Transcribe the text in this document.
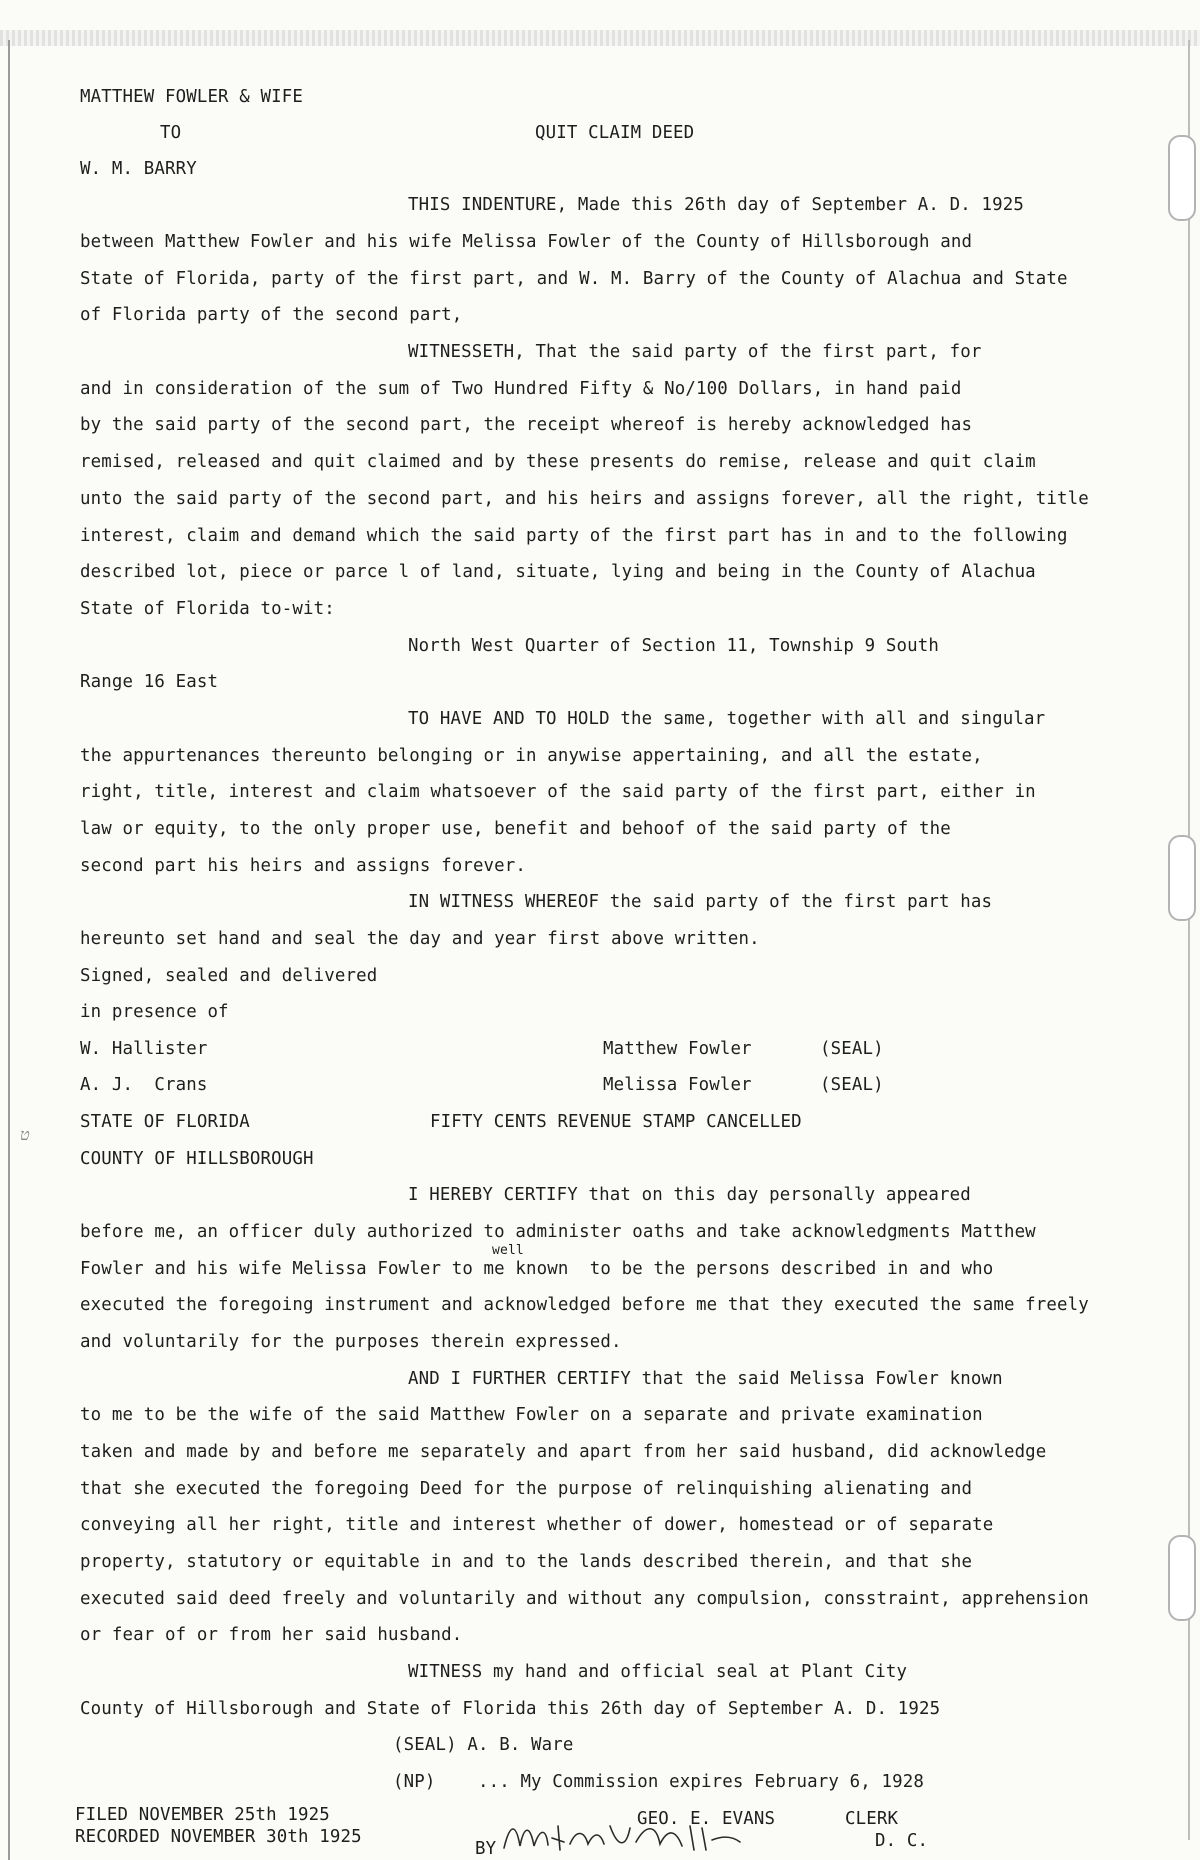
ט
MATTHEW FOWLER & WIFE
TO	QUIT CLAIM DEED
W. M. BARRY
THIS INDENTURE, Made this 26th day of September A. D. 1925
between Matthew Fowler and his wife Melissa Fowler of the County of Hillsborough and
State of Florida, party of the first part, and W. M. Barry of the County of Alachua and State
of Florida party of the second part,
WITNESSETH, That the said party of the first part, for
and in consideration of the sum of Two Hundred Fifty & No/100 Dollars, in hand paid
by the said party of the second part, the receipt whereof is hereby acknowledged has
remised, released and quit claimed and by these presents do remise, release and quit claim
unto the said party of the second part, and his heirs and assigns forever, all the right, title
interest, claim and demand which the said party of the first part has in and to the following
described lot, piece or parce l of land, situate, lying and being in the County of Alachua
State of Florida to-wit:
North West Quarter of Section 11, Township 9 South
Range 16 East
TO HAVE AND TO HOLD the same, together with all and singular
the appurtenances thereunto belonging or in anywise appertaining, and all the estate,
right, title, interest and claim whatsoever of the said party of the first part, either in
law or equity, to the only proper use, benefit and behoof of the said party of the
second part his heirs and assigns forever.
IN WITNESS WHEREOF the said party of the first part has
hereunto set hand and seal the day and year first above written.
Signed, sealed and delivered
in presence of
W. Hallister	Matthew Fowler	(SEAL)
A. J.  Crans	Melissa Fowler	(SEAL)
STATE OF FLORIDA	FIFTY CENTS REVENUE STAMP CANCELLED
COUNTY OF HILLSBOROUGH
I HEREBY CERTIFY that on this day personally appeared
before me, an officer duly authorized to administer oaths and take acknowledgments Matthew
well
Fowler and his wife Melissa Fowler to me known  to be the persons described in and who
executed the foregoing instrument and acknowledged before me that they executed the same freely
and voluntarily for the purposes therein expressed.
AND I FURTHER CERTIFY that the said Melissa Fowler known
to me to be the wife of the said Matthew Fowler on a separate and private examination
taken and made by and before me separately and apart from her said husband, did acknowledge
that she executed the foregoing Deed for the purpose of relinquishing alienating and
conveying all her right, title and interest whether of dower, homestead or of separate
property, statutory or equitable in and to the lands described therein, and that she
executed said deed freely and voluntarily and without any compulsion, consstraint, apprehension
or fear of or from her said husband.
WITNESS my hand and official seal at Plant City
County of Hillsborough and State of Florida this 26th day of September A. D. 1925
(SEAL) A. B. Ware
(NP)    ... My Commission expires February 6, 1928
FILED NOVEMBER 25th 1925
RECORDED NOVEMBER 30th 1925
BY
GEO. E. EVANS	CLERK
D. C.
